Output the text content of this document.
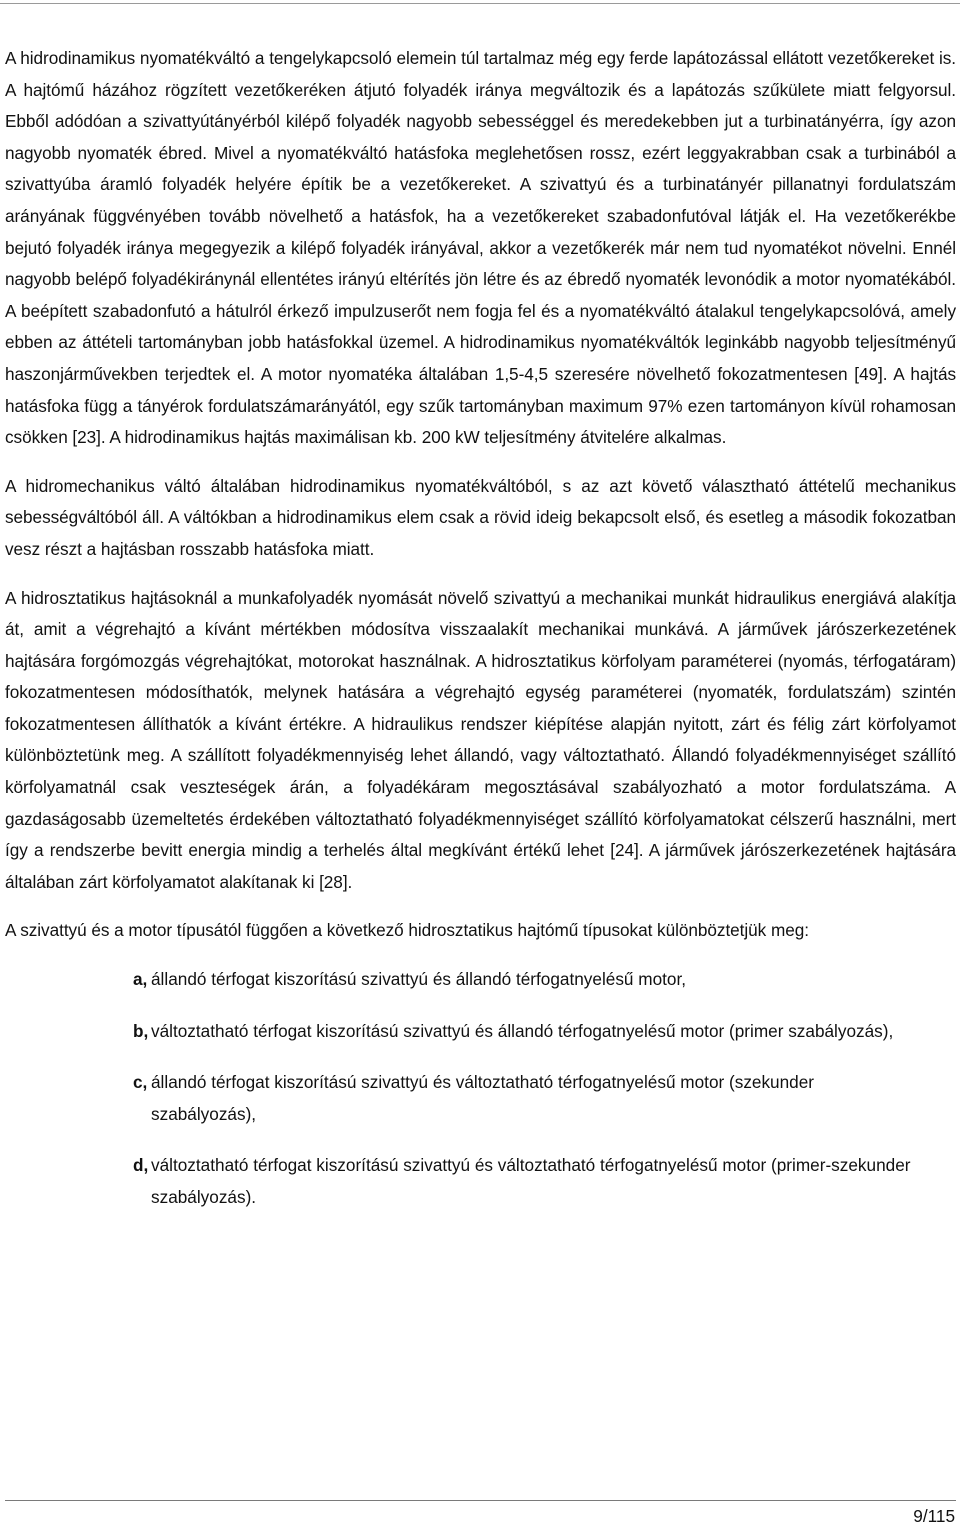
A hidrodinamikus nyomatékváltó a tengelykapcsoló elemein túl tartalmaz még egy ferde lapátozással ellátott vezetőkereket is. A hajtómű házához rögzített vezetőkeréken átjutó folyadék iránya megváltozik és a lapátozás szűkülete miatt felgyorsul. Ebből adódóan a szivattyútányérból kilépő folyadék nagyobb sebességgel és meredekebben jut a turbinatányérra, így azon nagyobb nyomaték ébred. Mivel a nyomatékváltó hatásfoka meglehetősen rossz, ezért leggyakrabban csak a turbinából a szivattyúba áramló folyadék helyére építik be a vezetőkereket. A szivattyú és a turbinatányér pillanatnyi fordulatszám arányának függvényében tovább növelhető a hatásfok, ha a vezetőkereket szabadonfutóval látják el. Ha vezetőkerékbe bejutó folyadék iránya megegyezik a kilépő folyadék irányával, akkor a vezetőkerék már nem tud nyomatékot növelni. Ennél nagyobb belépő folyadékiránynál ellentétes irányú eltérítés jön létre és az ébredő nyomaték levonódik a motor nyomatékából. A beépített szabadonfutó a hátulról érkező impulzuserőt nem fogja fel és a nyomatékváltó átalakul tengelykapcsolóvá, amely ebben az áttételi tartományban jobb hatásfokkal üzemel. A hidrodinamikus nyomatékváltók leginkább nagyobb teljesítményű haszonjárművekben terjedtek el. A motor nyomatéka általában 1,5-4,5 szeresére növelhető fokozatmentesen [49]. A hajtás hatásfoka függ a tányérok fordulatszámarányától, egy szűk tartományban maximum 97% ezen tartományon kívül rohamosan csökken [23]. A hidrodinamikus hajtás maximálisan kb. 200 kW teljesítmény átvitelére alkalmas.

A hidromechanikus váltó általában hidrodinamikus nyomatékváltóból, s az azt követő választható áttételű mechanikus sebességváltóból áll. A váltókban a hidrodinamikus elem csak a rövid ideig bekapcsolt első, és esetleg a második fokozatban vesz részt a hajtásban rosszabb hatásfoka miatt.

A hidrosztatikus hajtásoknál a munkafolyadék nyomását növelő szivattyú a mechanikai munkát hidraulikus energiává alakítja át, amit a végrehajtó a kívánt mértékben módosítva visszaalakít mechanikai munkává. A járművek járószerkezetének hajtására forgómozgás végrehajtókat, motorokat használnak. A hidrosztatikus körfolyam paraméterei (nyomás, térfogatáram) fokozatmentesen módosíthatók, melynek hatására a végrehajtó egység paraméterei (nyomaték, fordulatszám) szintén fokozatmentesen állíthatók a kívánt értékre. A hidraulikus rendszer kiépítése alapján nyitott, zárt és félig zárt körfolyamot különböztetünk meg. A szállított folyadékmennyiség lehet állandó, vagy változtatható. Állandó folyadékmennyiséget szállító körfolyamatnál csak veszteségek árán, a folyadékáram megosztásával szabályozható a motor fordulatszáma. A gazdaságosabb üzemeltetés érdekében változtatható folyadékmennyiséget szállító körfolyamatokat célszerű használni, mert így a rendszerbe bevitt energia mindig a terhelés által megkívánt értékű lehet [24]. A járművek járószerkezetének hajtására általában zárt körfolyamatot alakítanak ki [28].

A szivattyú és a motor típusától függően a következő hidrosztatikus hajtómű típusokat különböztetjük meg:

a, állandó térfogat kiszorítású szivattyú és állandó térfogatnyelésű motor,
b, változtatható térfogat kiszorítású szivattyú és állandó térfogatnyelésű motor (primer szabályozás),
c, állandó térfogat kiszorítású szivattyú és változtatható térfogatnyelésű motor (szekunder szabályozás),
d, változtatható térfogat kiszorítású szivattyú és változtatható térfogatnyelésű motor (primer-szekunder szabályozás).
9/115
